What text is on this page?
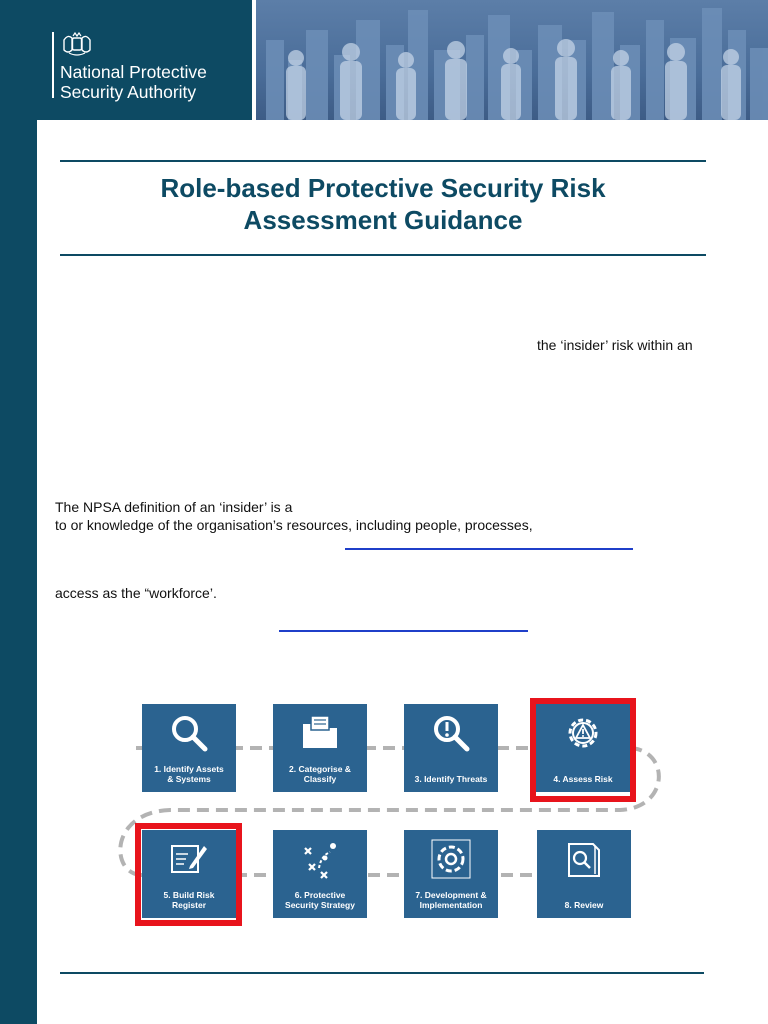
National Protective
Security Authority
Role-based Protective Security Risk
Assessment Guidance
the ‘insider’ risk within an
The NPSA definition of an ‘insider’ is a
to or knowledge of the organisation’s resources, including people, processes,
access as the “workforce’.
1. Identify Assets
& Systems
2. Categorise &
Classify	3. Identify Threats	4. Assess Risk
5. Build Risk
Register
6. Protective
Security Strategy
7. Development &
Implementation	8. Review
